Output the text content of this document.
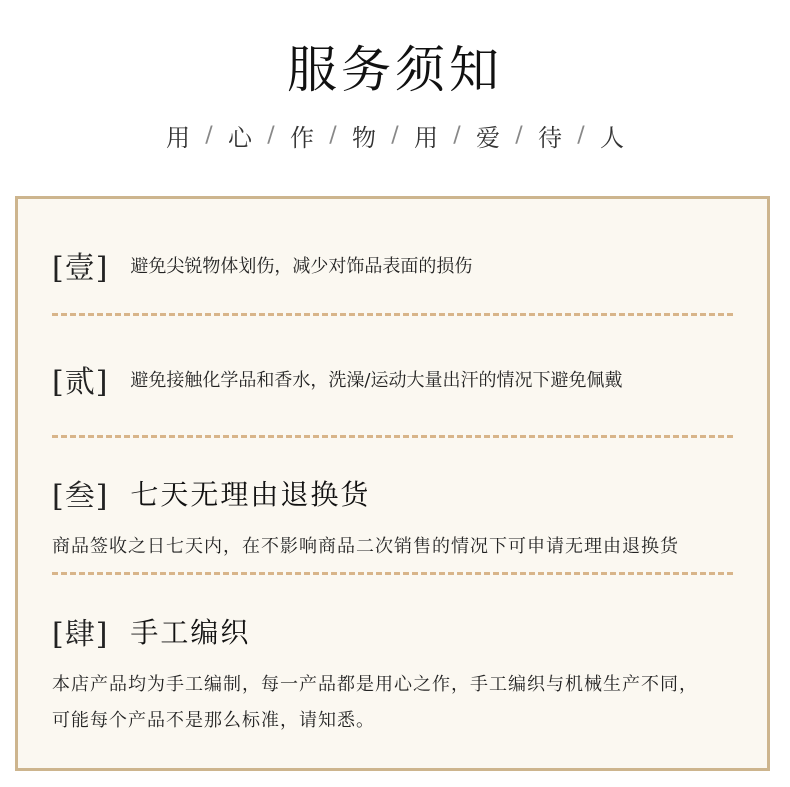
服务须知
用 / 心 / 作 / 物 / 用 / 爱 / 待 / 人
[壹] 避免尖锐物体划伤，减少对饰品表面的损伤
[贰] 避免接触化学品和香水，洗澡/运动大量出汗的情况下避免佩戴
[叁] 七天无理由退换货
商品签收之日七天内，在不影响商品二次销售的情况下可申请无理由退换货
[肆] 手工编织
本店产品均为手工编制，每一产品都是用心之作，手工编织与机械生产不同，
可能每个产品不是那么标准，请知悉。
